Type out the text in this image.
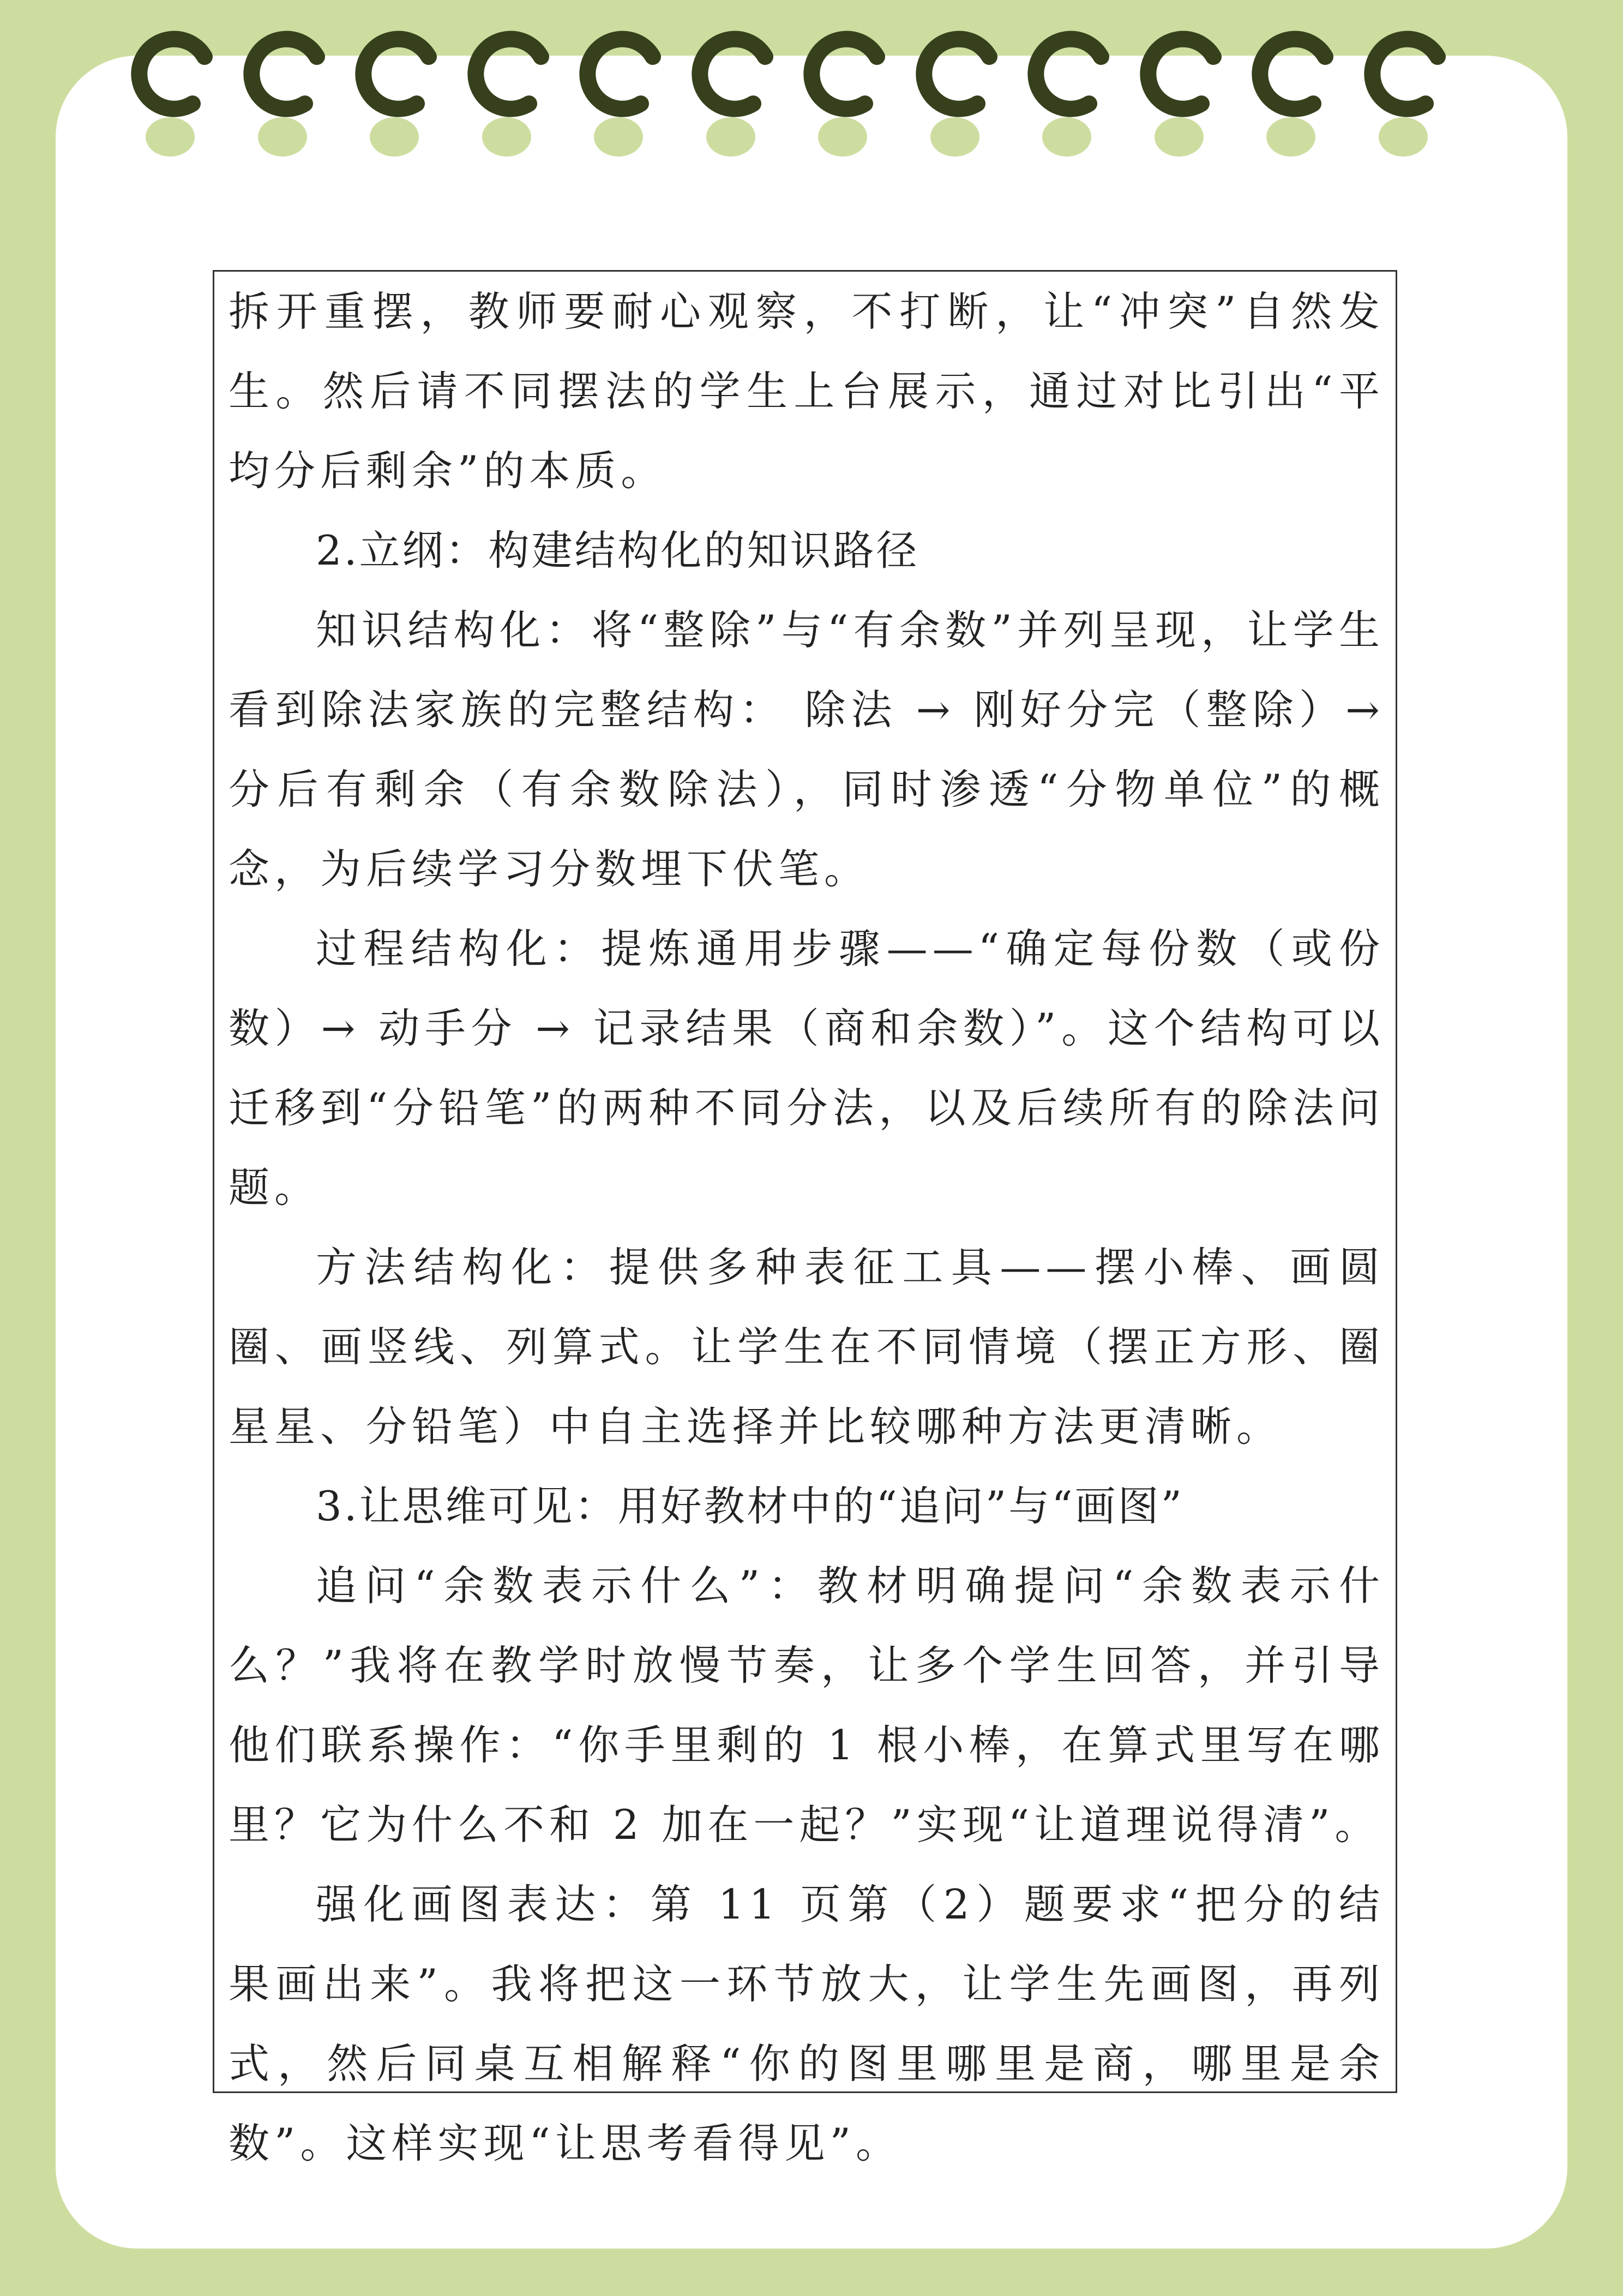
拆开重摆，教师要耐心观察，不打断，让“冲突”自然发生。然后请不同摆法的学生上台展示，通过对比引出“平均分后剩余”的本质。

2.立纲：构建结构化的知识路径

知识结构化：将“整除”与“有余数”并列呈现，让学生看到除法家族的完整结构： 除法 → 刚好分完（整除）→ 分后有剩余（有余数除法），同时渗透“分物单位”的概念，为后续学习分数埋下伏笔。

过程结构化：提炼通用步骤——“确定每份数（或份数）→ 动手分 → 记录结果（商和余数）”。这个结构可以迁移到“分铅笔”的两种不同分法，以及后续所有的除法问题。

方法结构化：提供多种表征工具——摆小棒、画圆圈、画竖线、列算式。让学生在不同情境（摆正方形、圈星星、分铅笔）中自主选择并比较哪种方法更清晰。

3.让思维可见：用好教材中的“追问”与“画图”

追问“余数表示什么”：教材明确提问“余数表示什么？”我将在教学时放慢节奏，让多个学生回答，并引导他们联系操作：“你手里剩的 1 根小棒，在算式里写在哪里？它为什么不和 2 加在一起？”实现“让道理说得清”。

强化画图表达：第 11 页第（2）题要求“把分的结果画出来”。我将把这一环节放大，让学生先画图，再列式，然后同桌互相解释“你的图里哪里是商，哪里是余数”。这样实现“让思考看得见”。
